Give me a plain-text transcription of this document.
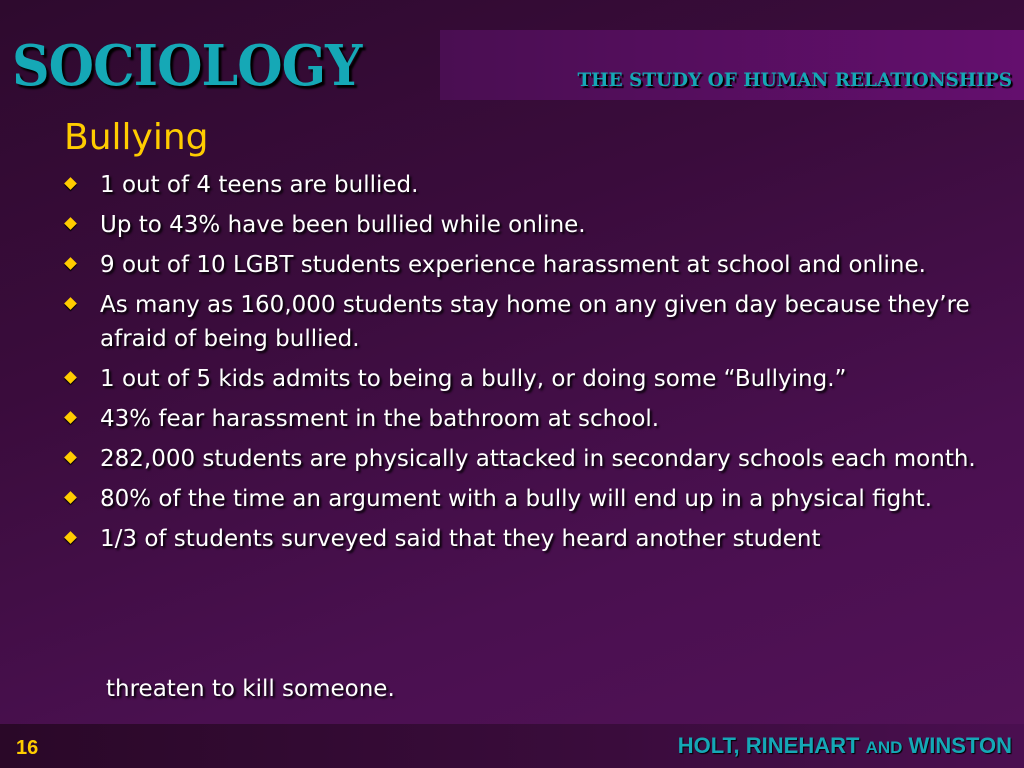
SOCIOLOGY	THE STUDY OF HUMAN RELATIONSHIPS
Bullying
1 out of 4 teens are bullied.
Up to 43% have been bullied while online.
9 out of 10 LGBT students experience harassment at school and online.
As many as 160,000 students stay home on any given day because they’re afraid of being bullied.
1 out of 5 kids admits to being a bully, or doing some “Bullying.”
43% fear harassment in the bathroom at school.
282,000 students are physically attacked in secondary schools each month.
80% of the time an argument with a bully will end up in a physical fight.
1/3 of students surveyed said that they heard another student
threaten to kill someone.
16	HOLT, RINEHART AND WINSTON
